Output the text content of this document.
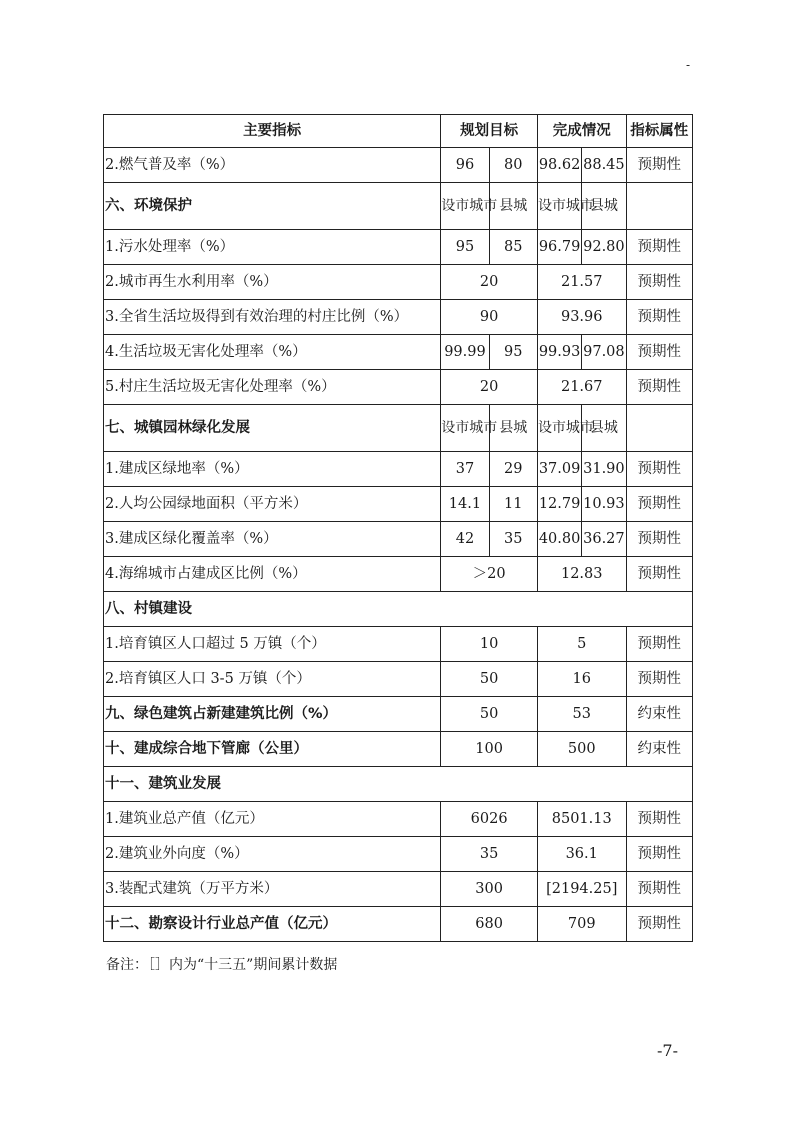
-
主要指标	规划目标		完成情况		指标属性
2.燃气普及率（%）	96	80	98.62	88.45	预期性
六、环境保护	设市城市	县城	设市城市	县城	
1.污水处理率（%）	95	85	96.79	92.80	预期性
2.城市再生水利用率（%）	20		21.57		预期性
3.全省生活垃圾得到有效治理的村庄比例（%）	90		93.96		预期性
4.生活垃圾无害化处理率（%）	99.99	95	99.93	97.08	预期性
5.村庄生活垃圾无害化处理率（%）	20		21.67		预期性
七、城镇园林绿化发展	设市城市	县城	设市城市	县城	
1.建成区绿地率（%）	37	29	37.09	31.90	预期性
2.人均公园绿地面积（平方米）	14.1	11	12.79	10.93	预期性
3.建成区绿化覆盖率（%）	42	35	40.80	36.27	预期性
4.海绵城市占建成区比例（%）	＞20		12.83		预期性
八、村镇建设					
1.培育镇区人口超过 5 万镇（个）	10		5		预期性
2.培育镇区人口 3-5 万镇（个）	50		16		预期性
九、绿色建筑占新建建筑比例（%）	50		53		约束性
十、建成综合地下管廊（公里）	100		500		约束性
十一、建筑业发展					
1.建筑业总产值（亿元）	6026		8501.13		预期性
2.建筑业外向度（%）	35		36.1		预期性
3.装配式建筑（万平方米）	300		[2194.25]		预期性
十二、勘察设计行业总产值（亿元）	680		709		预期性
备注：［］内为“十三五”期间累计数据
-7-
